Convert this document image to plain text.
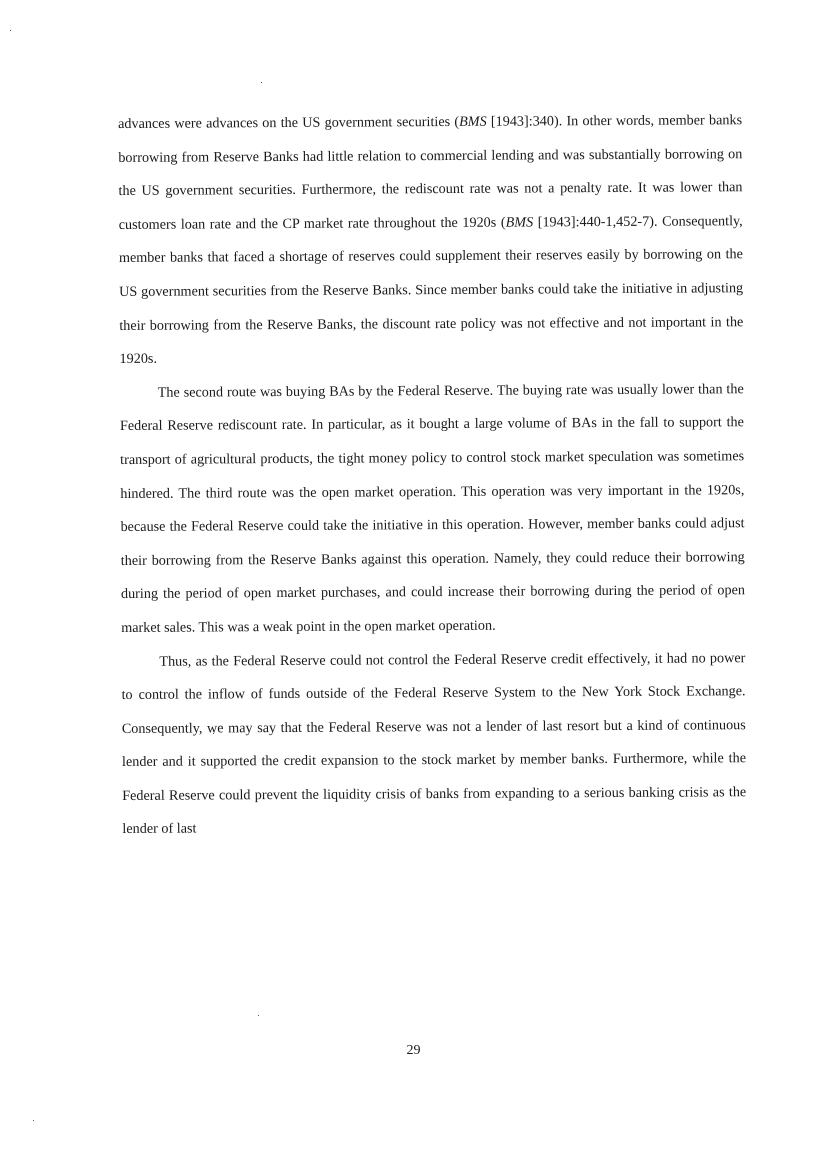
advances were advances on the US government securities (BMS [1943]:340). In other words, member banks borrowing from Reserve Banks had little relation to commercial lending and was substantially borrowing on the US government securities. Furthermore, the rediscount rate was not a penalty rate. It was lower than customers loan rate and the CP market rate throughout the 1920s (BMS [1943]:440-1,452-7). Consequently, member banks that faced a shortage of reserves could supplement their reserves easily by borrowing on the US government securities from the Reserve Banks. Since member banks could take the initiative in adjusting their borrowing from the Reserve Banks, the discount rate policy was not effective and not important in the 1920s.

The second route was buying BAs by the Federal Reserve. The buying rate was usually lower than the Federal Reserve rediscount rate. In particular, as it bought a large volume of BAs in the fall to support the transport of agricultural products, the tight money policy to control stock market speculation was sometimes hindered. The third route was the open market operation. This operation was very important in the 1920s, because the Federal Reserve could take the initiative in this operation. However, member banks could adjust their borrowing from the Reserve Banks against this operation. Namely, they could reduce their borrowing during the period of open market purchases, and could increase their borrowing during the period of open market sales. This was a weak point in the open market operation.

Thus, as the Federal Reserve could not control the Federal Reserve credit effectively, it had no power to control the inflow of funds outside of the Federal Reserve System to the New York Stock Exchange. Consequently, we may say that the Federal Reserve was not a lender of last resort but a kind of continuous lender and it supported the credit expansion to the stock market by member banks. Furthermore, while the Federal Reserve could prevent the liquidity crisis of banks from expanding to a serious banking crisis as the lender of last

29
